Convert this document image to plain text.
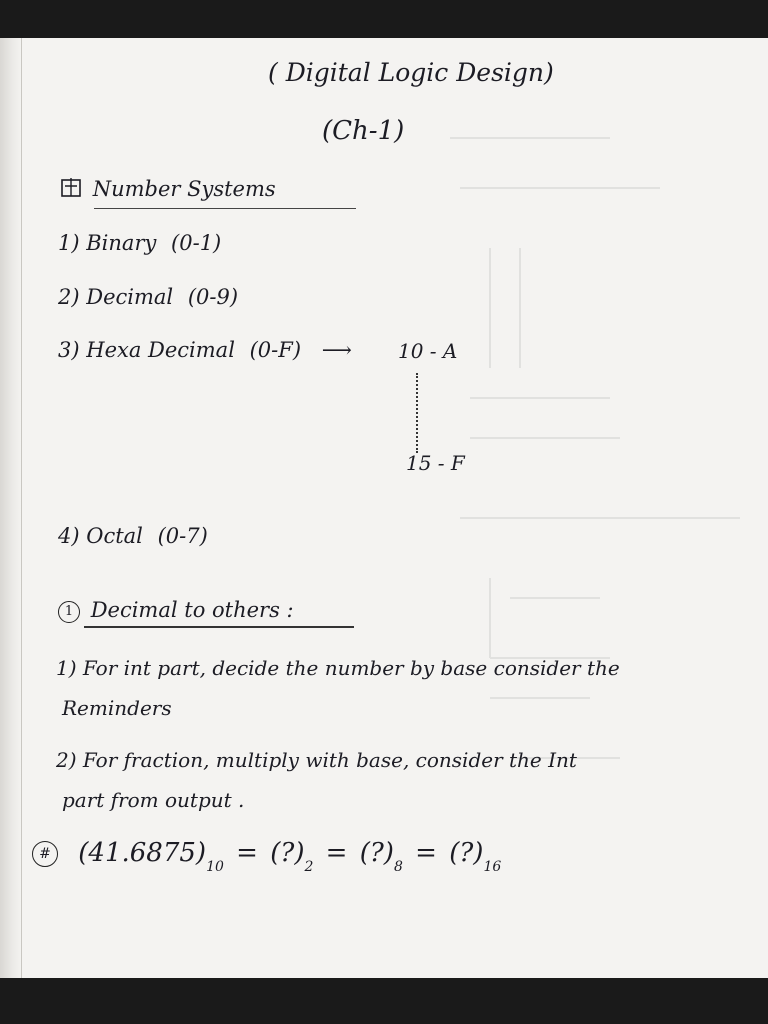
( Digital Logic Design)
(Ch-1)
Number Systems
1) Binary (0-1)
2) Decimal (0-9)
3) Hexa Decimal (0-F) ⟶	10 - A
15 - F
4) Octal (0-7)
1 Decimal to others :
1) For int part, decide the number by base consider the
Reminders
2) For fraction, multiply with base, consider the Int
part from output .
# $(41.6875)_{10}$ = $(?)_2$ = $(?)_8$ = $(?)_{16}$
